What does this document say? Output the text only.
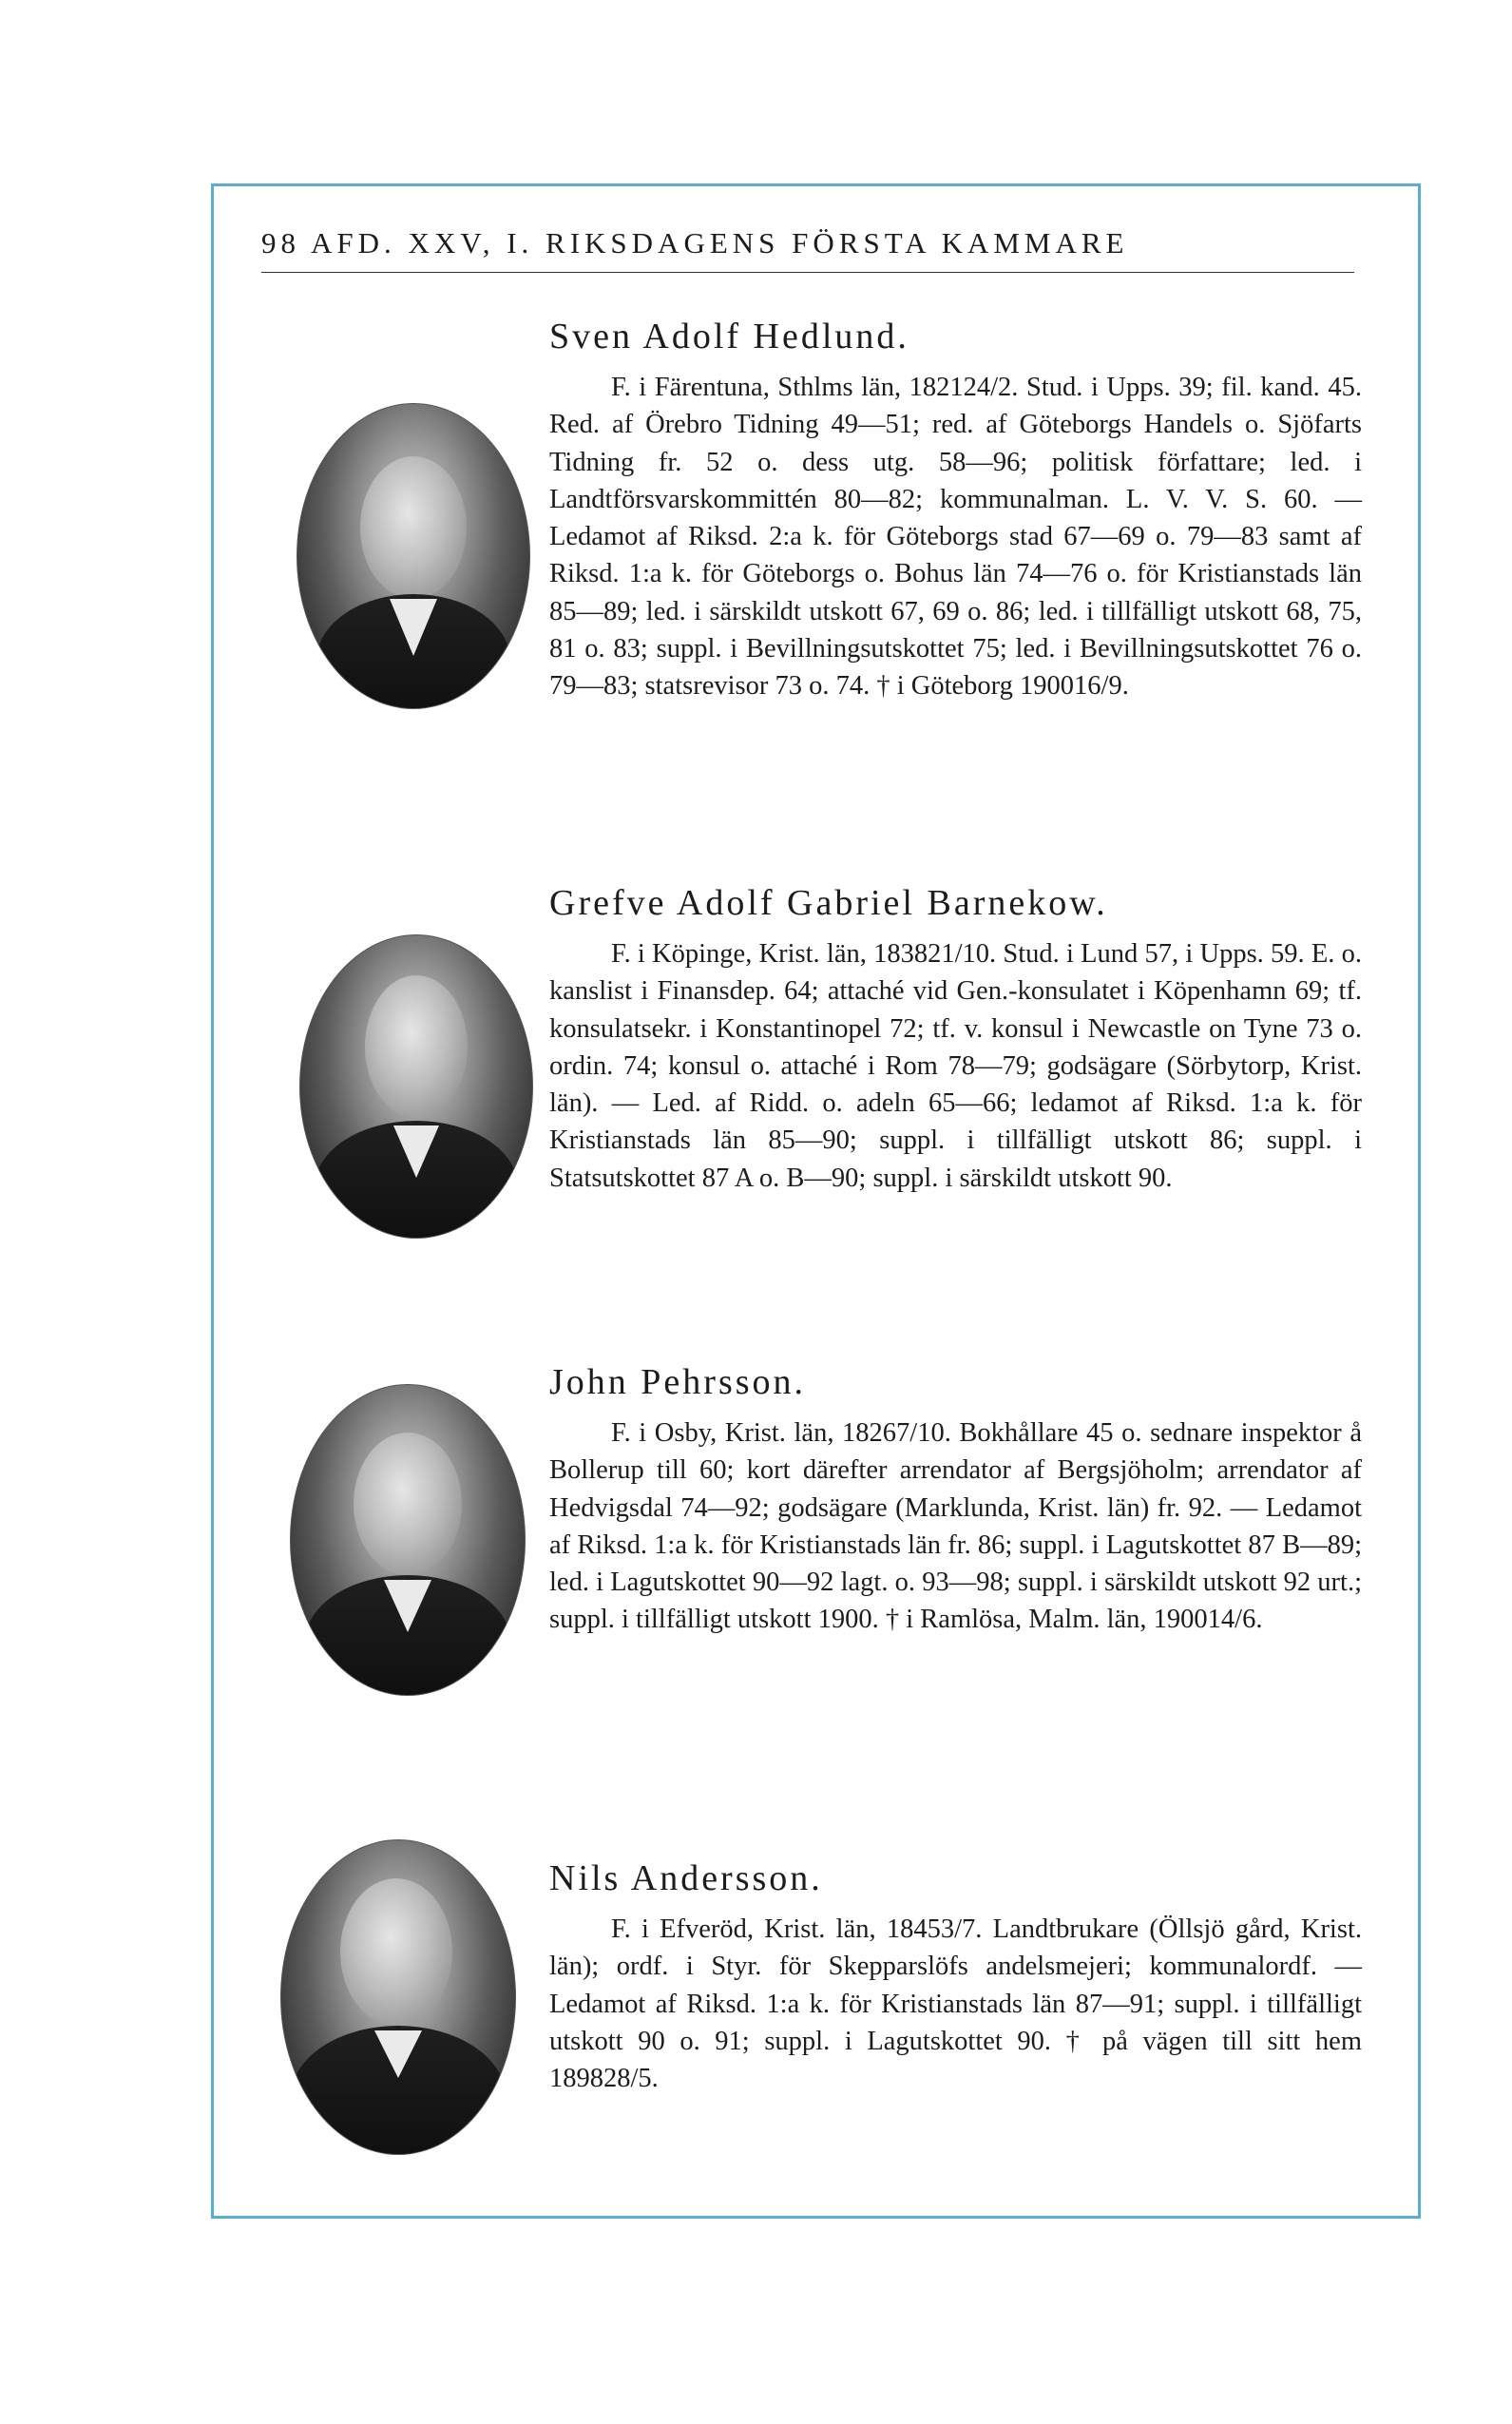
98 AFD. XXV, I. RIKSDAGENS FÖRSTA KAMMARE
Sven Adolf Hedlund.

F. i Färentuna, Sthlms län, 182124/2. Stud. i Upps. 39; fil. kand. 45. Red. af Örebro Tidning 49—51; red. af Göteborgs Handels o. Sjöfarts Tidning fr. 52 o. dess utg. 58—96; politisk författare; led. i Landtförsvarskommittén 80—82; kommunalman. L. V. V. S. 60. — Ledamot af Riksd. 2:a k. för Göteborgs stad 67—69 o. 79—83 samt af Riksd. 1:a k. för Göteborgs o. Bohus län 74—76 o. för Kristianstads län 85—89; led. i särskildt utskott 67, 69 o. 86; led. i tillfälligt utskott 68, 75, 81 o. 83; suppl. i Bevillningsutskottet 75; led. i Bevillningsutskottet 76 o. 79—83; statsrevisor 73 o. 74. † i Göteborg 190016/9.

Grefve Adolf Gabriel Barnekow.

F. i Köpinge, Krist. län, 183821/10. Stud. i Lund 57, i Upps. 59. E. o. kanslist i Finansdep. 64; attaché vid Gen.-konsulatet i Köpenhamn 69; tf. konsulatsekr. i Konstantinopel 72; tf. v. konsul i Newcastle on Tyne 73 o. ordin. 74; konsul o. attaché i Rom 78—79; godsägare (Sörbytorp, Krist. län). — Led. af Ridd. o. adeln 65—66; ledamot af Riksd. 1:a k. för Kristianstads län 85—90; suppl. i tillfälligt utskott 86; suppl. i Statsutskottet 87 A o. B—90; suppl. i särskildt utskott 90.

John Pehrsson.

F. i Osby, Krist. län, 18267/10. Bokhållare 45 o. sednare inspektor å Bollerup till 60; kort därefter arrendator af Bergsjöholm; arrendator af Hedvigsdal 74—92; godsägare (Marklunda, Krist. län) fr. 92. — Ledamot af Riksd. 1:a k. för Kristianstads län fr. 86; suppl. i Lagutskottet 87 B—89; led. i Lagutskottet 90—92 lagt. o. 93—98; suppl. i särskildt utskott 92 urt.; suppl. i tillfälligt utskott 1900. † i Ramlösa, Malm. län, 190014/6.

Nils Andersson.

F. i Efveröd, Krist. län, 18453/7. Landtbrukare (Öllsjö gård, Krist. län); ordf. i Styr. för Skepparslöfs andelsmejeri; kommunalordf. — Ledamot af Riksd. 1:a k. för Kristianstads län 87—91; suppl. i tillfälligt utskott 90 o. 91; suppl. i Lagutskottet 90. † på vägen till sitt hem 189828/5.
